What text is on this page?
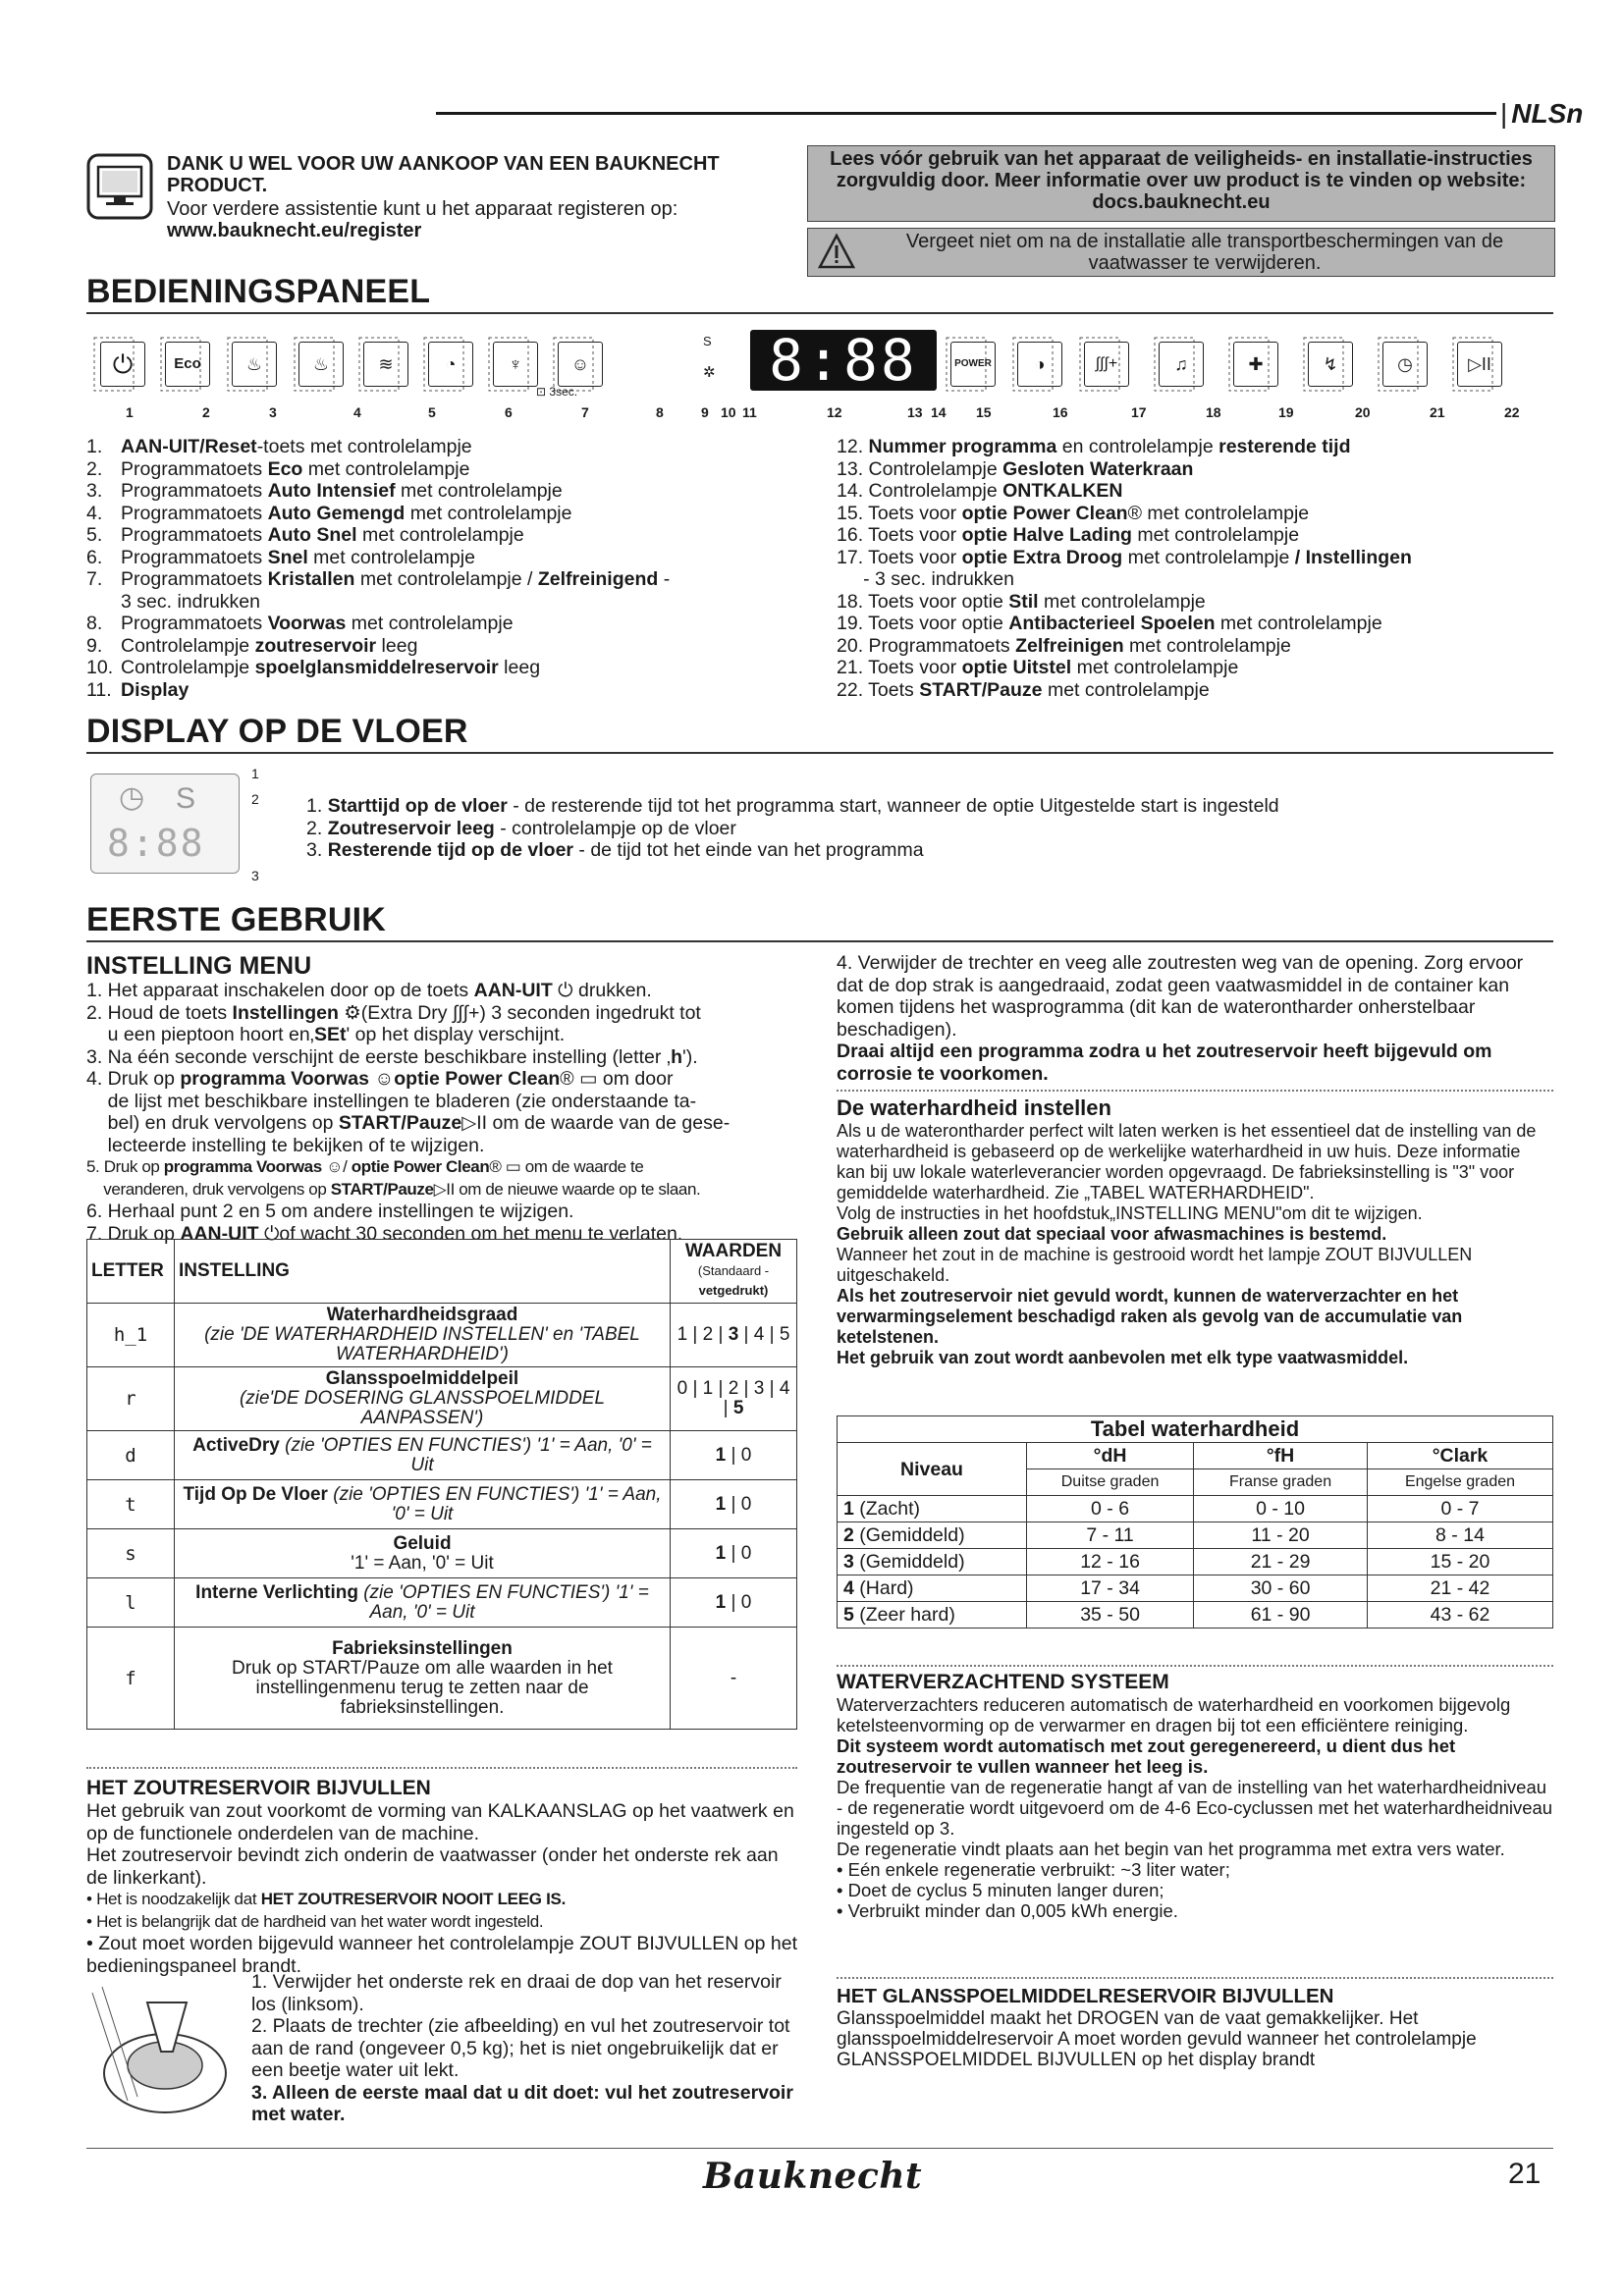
| NLSn
DANK U WEL VOOR UW AANKOOP VAN EEN BAUKNECHT PRODUCT.
Voor verdere assistentie kunt u het apparaat registeren op:
www.bauknecht.eu/register
Lees vóór gebruik van het apparaat de veiligheids- en installatie-instructies zorgvuldig door. Meer informatie over uw product is te vinden op website: docs.bauknecht.eu
Vergeet niet om na de installatie alle transportbeschermingen van de vaatwasser te verwijderen.
BEDIENINGSPANEEL
⏻	Eco	♨	♨	≋	◔	♆
⊡ 3sec.
☺
S
✲ 8:88	POWER	◑	∫∫∫+	♫	✚	↯	◷	▷II
1	2	3	4	5	6	7	8	9 10 11	12	13 14 15	16	17	18	19	20	21	22
1. AAN-UIT/Reset-toets met controlelampje
2. Programmatoets Eco met controlelampje
3. Programmatoets Auto Intensief met controlelampje
4. Programmatoets Auto Gemengd met controlelampje
5. Programmatoets Auto Snel met controlelampje
6. Programmatoets Snel met controlelampje
7. Programmatoets Kristallen met controlelampje / Zelfreinigend -
3 sec. indrukken
8. Programmatoets Voorwas met controlelampje
9. Controlelampje zoutreservoir leeg
10. Controlelampje spoelglansmiddelreservoir leeg
11. Display
12. Nummer programma en controlelampje resterende tijd
13. Controlelampje Gesloten Waterkraan
14. Controlelampje ONTKALKEN
15. Toets voor optie Power Clean® met controlelampje
16. Toets voor optie Halve Lading met controlelampje
17. Toets voor optie Extra Droog met controlelampje / Instellingen
- 3 sec. indrukken
18. Toets voor optie Stil met controlelampje
19. Toets voor optie Antibacterieel Spoelen met controlelampje
20. Programmatoets Zelfreinigen met controlelampje
21. Toets voor optie Uitstel met controlelampje
22. Toets START/Pauze met controlelampje
DISPLAY OP DE VLOER
◷ S
8:88
1
2
3
1. Starttijd op de vloer - de resterende tijd tot het programma start, wanneer de optie Uitgestelde start is ingesteld
2. Zoutreservoir leeg - controlelampje op de vloer
3. Resterende tijd op de vloer - de tijd tot het einde van het programma
EERSTE GEBRUIK
INSTELLING MENU
1. Het apparaat inschakelen door op de toets AAN-UIT ⏻ drukken.
2. Houd de toets Instellingen ⚙(Extra Dry ∫∫∫+) 3 seconden ingedrukt tot
u een pieptoon hoort en‚SEt' op het display verschijnt.
3. Na één seconde verschijnt de eerste beschikbare instelling (letter ‚h').
4. Druk op programma Voorwas ☺optie Power Clean® ▭ om door
de lijst met beschikbare instellingen te bladeren (zie onderstaande ta-
bel) en druk vervolgens op START/Pauze▷II om de waarde van de gese-
lecteerde instelling te bekijken of te wijzigen.
5. Druk op programma Voorwas ☺/ optie Power Clean® ▭ om de waarde te
veranderen, druk vervolgens op START/Pauze▷II om de nieuwe waarde op te slaan.
6. Herhaal punt 2 en 5 om andere instellingen te wijzigen.
7. Druk op AAN-UIT ⏻of wacht 30 seconden om het menu te verlaten.
LETTER	INSTELLING	WAARDEN
(Standaard -
vetgedrukt)

h̲1	Waterhardheidsgraad
(zie 'DE WATERHARDHEID INSTELLEN' en 'TABEL WATERHARDHEID')	1 | 2 | 3 | 4 | 5
r	Glansspoelmiddelpeil
(zie'DE DOSERING GLANSSPOELMIDDEL AANPASSEN')	0 | 1 | 2 | 3 | 4 | 5
d	ActiveDry (zie 'OPTIES EN FUNCTIES') '1' = Aan, '0' = Uit	1 | 0
t	Tijd Op De Vloer (zie 'OPTIES EN FUNCTIES') '1' = Aan, '0' = Uit	1 | 0
s	Geluid
'1' = Aan, '0' = Uit	1 | 0
l	Interne Verlichting (zie 'OPTIES EN FUNCTIES') '1' = Aan, '0' = Uit	1 | 0
f	Fabrieksinstellingen
Druk op START/Pauze om alle waarden in het instellingenmenu terug te zetten naar de fabrieksinstellingen.	-
HET ZOUTRESERVOIR BIJVULLEN

Het gebruik van zout voorkomt de vorming van KALKAANSLAG op het vaatwerk en op de functionele onderdelen van de machine.

Het zoutreservoir bevindt zich onderin de vaatwasser (onder het onderste rek aan de linkerkant).

• Het is noodzakelijk dat HET ZOUTRESERVOIR NOOIT LEEG IS.
• Het is belangrijk dat de hardheid van het water wordt ingesteld.
• Zout moet worden bijgevuld wanneer het controlelampje ZOUT BIJVULLEN op het bedieningspaneel brandt.
1. Verwijder het onderste rek en draai de dop van het reservoir los (linksom).
2. Plaats de trechter (zie afbeelding) en vul het zoutreservoir tot aan de rand (ongeveer 0,5 kg); het is niet ongebruikelijk dat er een beetje water uit lekt.
3. Alleen de eerste maal dat u dit doet: vul het zoutreservoir met water.

4. Verwijder de trechter en veeg alle zoutresten weg van de opening. Zorg ervoor dat de dop strak is aangedraaid, zodat geen vaatwasmiddel in de container kan komen tijdens het wasprogramma (dit kan de waterontharder onherstelbaar beschadigen).

Draai altijd een programma zodra u het zoutreservoir heeft bijgevuld om corrosie te voorkomen.

De waterhardheid instellen

Als u de waterontharder perfect wilt laten werken is het essentieel dat de instelling van de waterhardheid is gebaseerd op de werkelijke waterhardheid in uw huis. Deze informatie kan bij uw lokale waterleverancier worden opgevraagd. De fabrieksinstelling is "3" voor gemiddelde waterhardheid. Zie „TABEL WATERHARDHEID".

Volg de instructies in het hoofdstuk„INSTELLING MENU"om dit te wijzigen.

Gebruik alleen zout dat speciaal voor afwasmachines is bestemd.

Wanneer het zout in de machine is gestrooid wordt het lampje ZOUT BIJVULLEN uitgeschakeld.

Als het zoutreservoir niet gevuld wordt, kunnen de waterverzachter en het verwarmingselement beschadigd raken als gevolg van de accumulatie van ketelstenen.

Het gebruik van zout wordt aanbevolen met elk type vaatwasmiddel.

Tabel waterhardheid			
Niveau	°dH	°fH	°Clark
	Duitse graden	Franse graden	Engelse graden
1 (Zacht)	0 - 6	0 - 10	0 - 7
2 (Gemiddeld)	7 - 11	11 - 20	8 - 14
3 (Gemiddeld)	12 - 16	21 - 29	15 - 20
4 (Hard)	17 - 34	30 - 60	21 - 42
5 (Zeer hard)	35 - 50	61 - 90	43 - 62
WATERVERZACHTEND SYSTEEM

Waterverzachters reduceren automatisch de waterhardheid en voorkomen bijgevolg ketelsteenvorming op de verwarmer en dragen bij tot een efficiëntere reiniging.

Dit systeem wordt automatisch met zout geregenereerd, u dient dus het zoutreservoir te vullen wanneer het leeg is.

De frequentie van de regeneratie hangt af van de instelling van het waterhardheidniveau - de regeneratie wordt uitgevoerd om de 4-6 Eco-cyclussen met het waterhardheidniveau ingesteld op 3.

De regeneratie vindt plaats aan het begin van het programma met extra vers water.

• Eén enkele regeneratie verbruikt: ~3 liter water;
• Doet de cyclus 5 minuten langer duren;
• Verbruikt minder dan 0,005 kWh energie.
HET GLANSSPOELMIDDELRESERVOIR BIJVULLEN
Glansspoelmiddel maakt het DROGEN van de vaat gemakkelijker. Het glansspoelmiddelreservoir A moet worden gevuld wanneer het controlelampje GLANSSPOELMIDDEL BIJVULLEN op het display brandt
Bauknecht	21
